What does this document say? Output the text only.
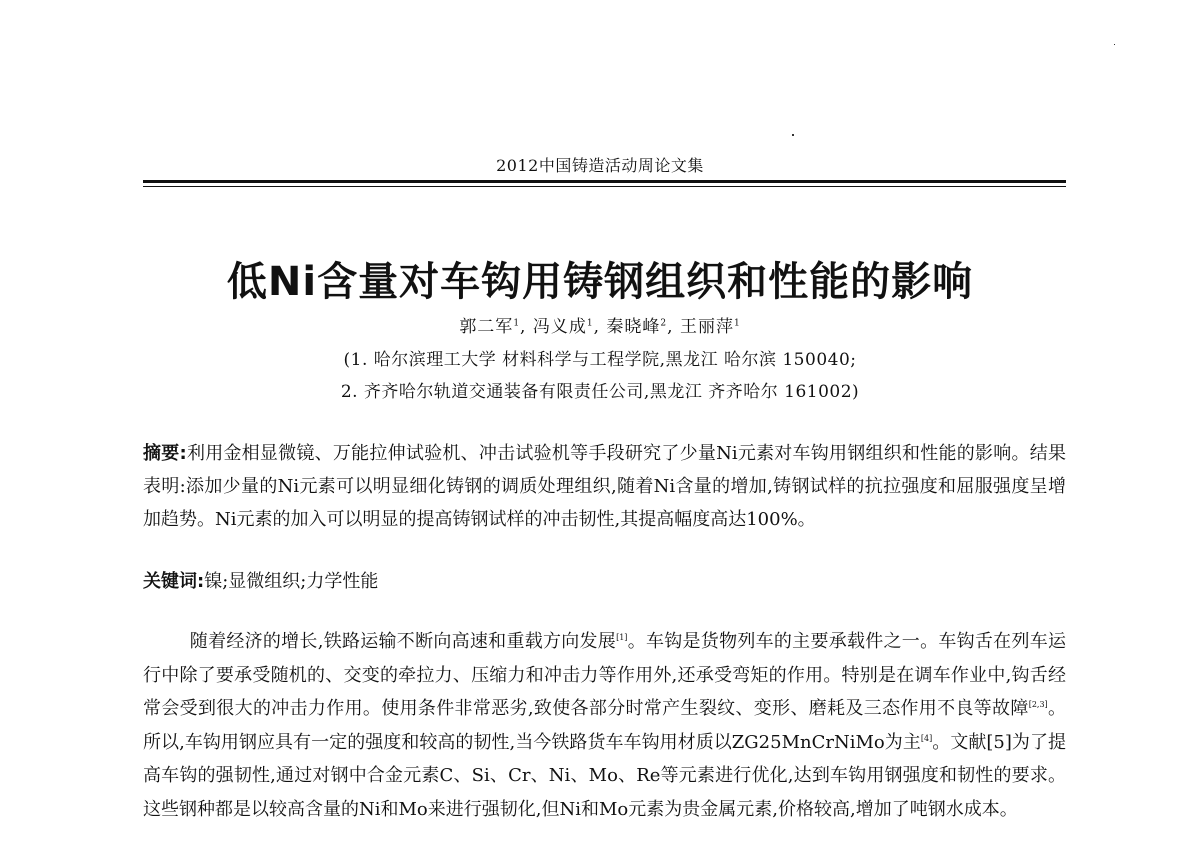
2012中国铸造活动周论文集
低Ni含量对车钩用铸钢组织和性能的影响
郭二军$^1$, 冯义成$^1$, 秦晓峰$^2$, 王丽萍$^1$
(1. 哈尔滨理工大学 材料科学与工程学院,黑龙江 哈尔滨 150040;
2. 齐齐哈尔轨道交通装备有限责任公司,黑龙江 齐齐哈尔 161002)
摘要:利用金相显微镜、万能拉伸试验机、冲击试验机等手段研究了少量Ni元素对车钩用钢组织和性能的影响。结果表明:添加少量的Ni元素可以明显细化铸钢的调质处理组织,随着Ni含量的增加,铸钢试样的抗拉强度和屈服强度呈增加趋势。Ni元素的加入可以明显的提高铸钢试样的冲击韧性,其提高幅度高达100%。
关键词:镍;显微组织;力学性能
随着经济的增长,铁路运输不断向高速和重载方向发展[1]。车钩是货物列车的主要承载件之一。车钩舌在列车运行中除了要承受随机的、交变的牵拉力、压缩力和冲击力等作用外,还承受弯矩的作用。特别是在调车作业中,钩舌经常会受到很大的冲击力作用。使用条件非常恶劣,致使各部分时常产生裂纹、变形、磨耗及三态作用不良等故障[2,3]。所以,车钩用钢应具有一定的强度和较高的韧性,当今铁路货车车钩用材质以ZG25MnCrNiMo为主[4]。文献[5]为了提高车钩的强韧性,通过对钢中合金元素C、Si、Cr、Ni、Mo、Re等元素进行优化,达到车钩用钢强度和韧性的要求。这些钢种都是以较高含量的Ni和Mo来进行强韧化,但Ni和Mo元素为贵金属元素,价格较高,增加了吨钢水成本。
